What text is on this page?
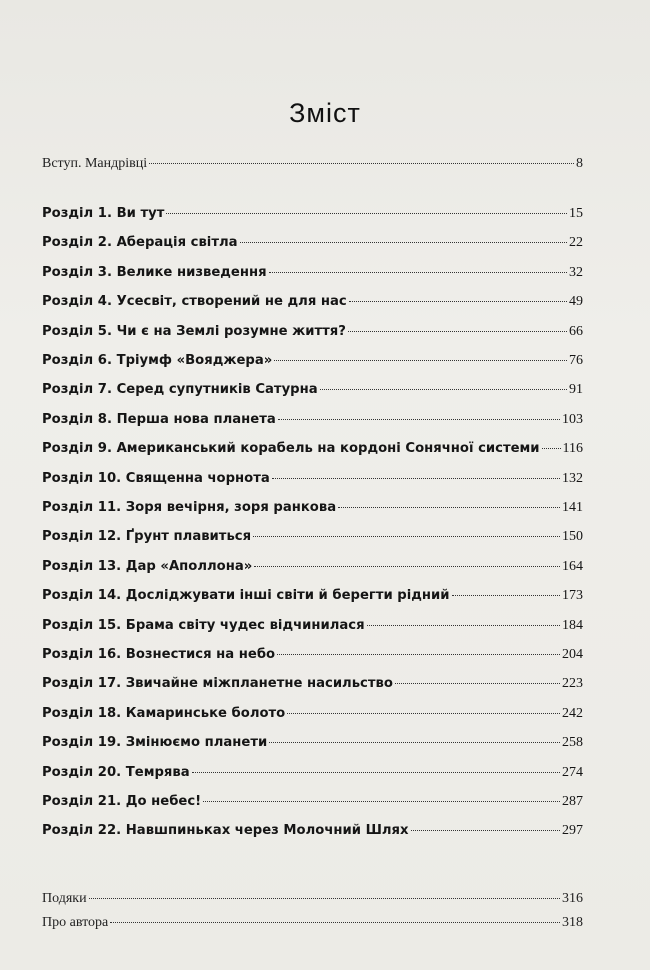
Зміст
Вступ. Мандрівці	8
Розділ 1. Ви тут	15
Розділ 2. Аберація світла	22
Розділ 3. Велике низведення	32
Розділ 4. Усесвіт, створений не для нас	49
Розділ 5. Чи є на Землі розумне життя?	66
Розділ 6. Тріумф «Вояджера»	76
Розділ 7. Серед супутників Сатурна	91
Розділ 8. Перша нова планета	103
Розділ 9. Американський корабель на кордоні Сонячної системи 116
Розділ 10. Священна чорнота	132
Розділ 11. Зоря вечірня, зоря ранкова	141
Розділ 12. Ґрунт плавиться	150
Розділ 13. Дар «Аполлона»	164
Розділ 14. Досліджувати інші світи й берегти рідний	173
Розділ 15. Брама світу чудес відчинилася	184
Розділ 16. Вознестися на небо	204
Розділ 17. Звичайне міжпланетне насильство	223
Розділ 18. Камаринське болото	242
Розділ 19. Змінюємо планети	258
Розділ 20. Темрява	274
Розділ 21. До небес!	287
Розділ 22. Навшпиньках через Молочний Шлях	297
Подяки	316
Про автора	318
